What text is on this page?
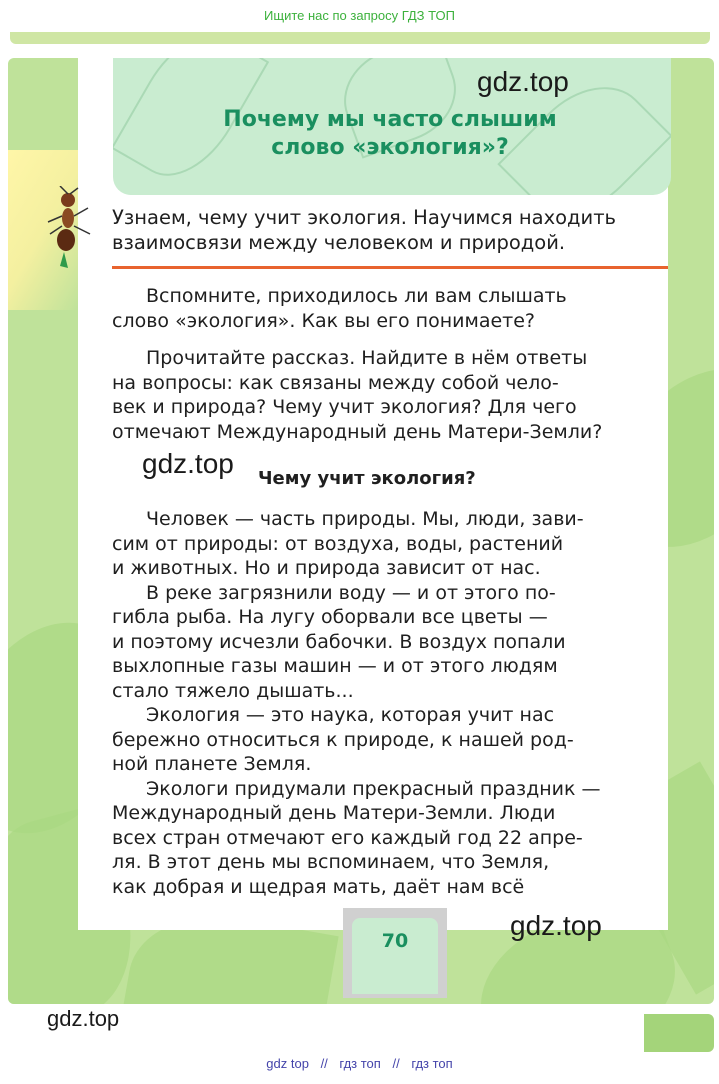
Ищите нас по запросу ГДЗ ТОП
gdz.top
Почему мы часто слышим
слово «экология»?
Узнаем, чему учит экология. Научимся находить
взаимосвязи между человеком и природой.
Вспомните, приходилось ли вам слышать
слово «экология». Как вы его понимаете?
Прочитайте рассказ. Найдите в нём ответы
на вопросы: как связаны между собой чело-
век и природа? Чему учит экология? Для чего
отмечают Международный день Матери-Земли?
gdz.top Чему учит экология?
Человек — часть природы. Мы, люди, зави-
сим от природы: от воздуха, воды, растений
и животных. Но и природа зависит от нас.
В реке загрязнили воду — и от этого по-
гибла рыба. На лугу оборвали все цветы —
и поэтому исчезли бабочки. В воздух попали
выхлопные газы машин — и от этого людям
стало тяжело дышать...
Экология — это наука, которая учит нас
бережно относиться к природе, к нашей род-
ной планете Земля.
Экологи придумали прекрасный праздник —
Международный день Матери-Земли. Люди
всех стран отмечают его каждый год 22 апре-
ля. В этот день мы вспоминаем, что Земля,
как добрая и щедрая мать, даёт нам всё
70	gdz.top
gdz.top
gdz top // гдз топ // гдз топ
